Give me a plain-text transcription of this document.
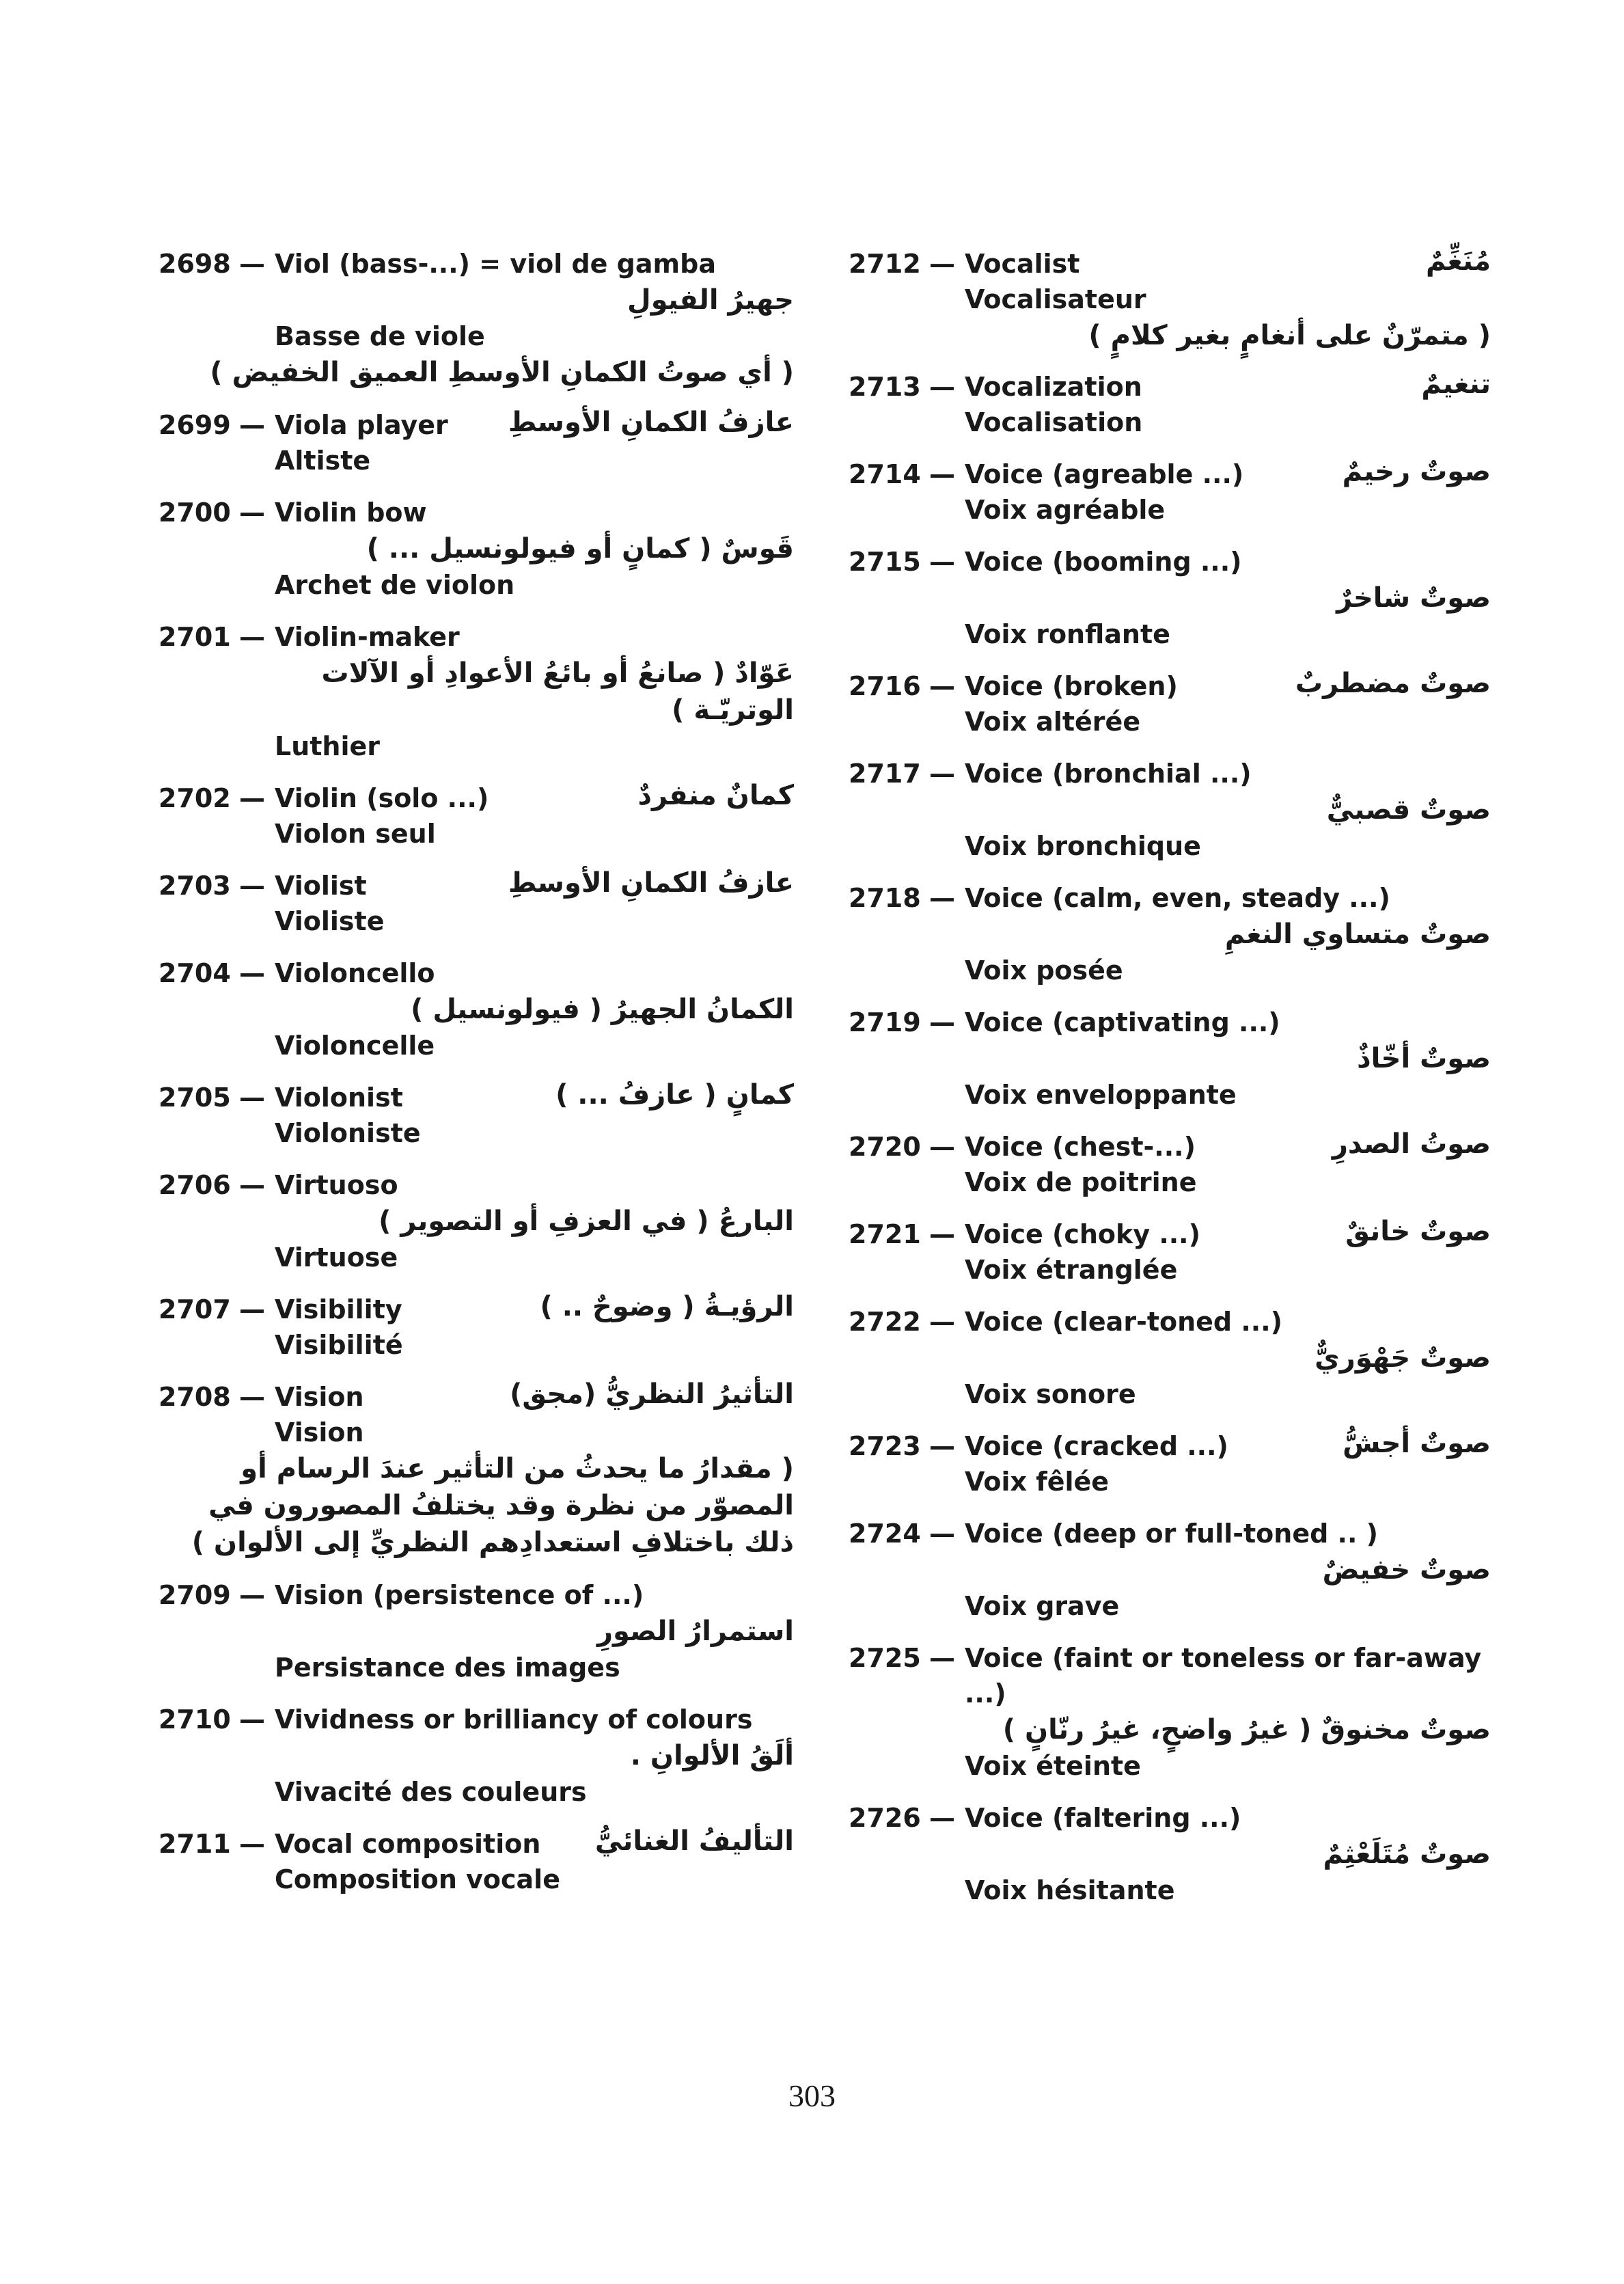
2698 — Viol (bass-...) = viol de gamba
جهيرُ الفيولِ
Basse de viole
( أي صوتُ الكمانِ الأوسطِ العميق الخفيض )
2699 — Viola player عازفُ الكمانِ الأوسطِ
Altiste
2700 — Violin bow
قَوسٌ ( كمانٍ أو فيولونسيل ... )
Archet de violon
2701 — Violin-maker
عَوّادٌ ( صانعُ أو بائعُ الأعوادِ أو الآلات
الوتريّـة )
Luthier
2702 — Violin (solo ...)	كمانٌ منفردٌ
Violon seul
2703 — Violist	عازفُ الكمانِ الأوسطِ
Violiste
2704 — Violoncello
الكمانُ الجهيرُ ( فيولونسيل )
Violoncelle
2705 — Violonist	كمانٍ ( عازفُ ... )
Violoniste
2706 — Virtuoso
البارعُ ( في العزفِ أو التصوير )
Virtuose
2707 — Visibility	الرؤيـةُ ( وضوحٌ .. )
Visibilité
2708 — Vision	التأثيرُ النظريُّ (مجق)
Vision
( مقدارُ ما يحدثُ من التأثير عندَ الرسام أو
المصوّر من نظرة وقد يختلفُ المصورون في
ذلك باختلافِ استعدادِهم النظريِّ إلى الألوان )
2709 — Vision (persistence of ...)
استمرارُ الصورِ
Persistance des images
2710 — Vividness or brilliancy of colours
ألَقُ الألوانِ .
Vivacité des couleurs
2711 — Vocal composition التأليفُ الغنائيُّ
Composition vocale
2712 — Vocalist	مُنَغِّمٌ
Vocalisateur
( متمرّنٌ على أنغامٍ بغير كلامٍ )
2713 — Vocalization	تنغيمٌ
Vocalisation
2714 — Voice (agreable ...)	صوتٌ رخيمٌ
Voix agréable
2715 — Voice (booming ...)
صوتٌ شاخرٌ
Voix ronflante
2716 — Voice (broken)	صوتٌ مضطربٌ
Voix altérée
2717 — Voice (bronchial ...)
صوتٌ قصبيٌّ
Voix bronchique
2718 — Voice (calm, even, steady ...)
صوتٌ متساوي النغمِ
Voix posée
2719 — Voice (captivating ...)
صوتٌ أخّاذٌ
Voix enveloppante
2720 — Voice (chest-...)	صوتُ الصدرِ
Voix de poitrine
2721 — Voice (choky ...)	صوتٌ خانقٌ
Voix étranglée
2722 — Voice (clear-toned ...)
صوتٌ جَهْوَريٌّ
Voix sonore
2723 — Voice (cracked ...)	صوتٌ أجشُّ
Voix fêlée
2724 — Voice (deep or full-toned .. )
صوتٌ خفيضٌ
Voix grave
2725 — Voice (faint or toneless or far-away
...)
صوتٌ مخنوقٌ ( غيرُ واضحٍ، غيرُ رنّانٍ )
Voix éteinte
2726 — Voice (faltering ...)
صوتٌ مُتَلَعْثِمٌ
Voix hésitante
303
